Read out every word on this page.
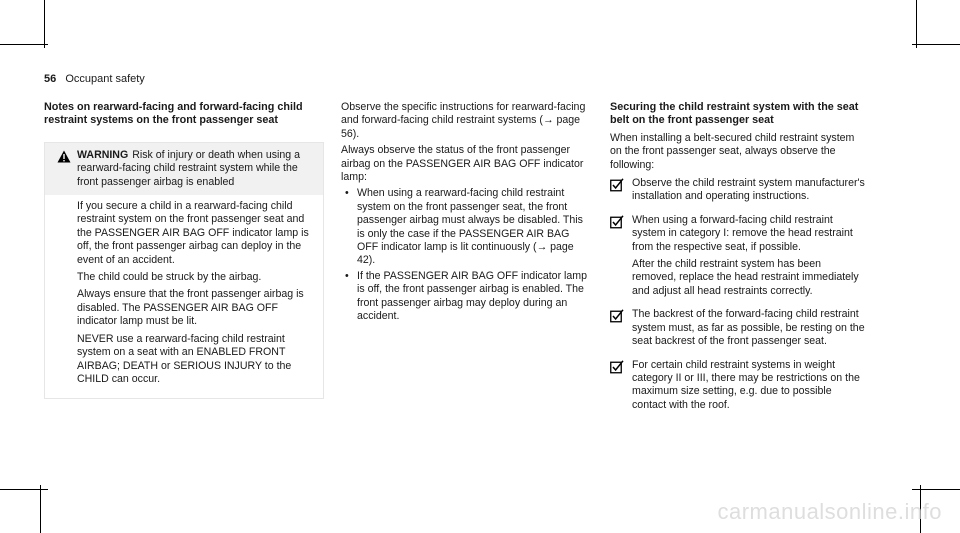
56 Occupant safety
Notes on rearward-facing and forward-facing child restraint systems on the front passenger seat
WARNING Risk of injury or death when using a rearward-facing child restraint system while the front passenger airbag is enabled

If you secure a child in a rearward-facing child restraint system on the front passenger seat and the PASSENGER AIR BAG OFF indicator lamp is off, the front passenger airbag can deploy in the event of an accident.

The child could be struck by the airbag.

Always ensure that the front passenger airbag is disabled. The PASSENGER AIR BAG OFF indicator lamp must be lit.

NEVER use a rearward-facing child restraint system on a seat with an ENABLED FRONT AIRBAG; DEATH or SERIOUS INJURY to the CHILD can occur.

Observe the specific instructions for rearward-facing and forward-facing child restraint systems (→ page 56).

Always observe the status of the front passenger airbag on the PASSENGER AIR BAG OFF indicator lamp:

• When using a rearward-facing child restraint system on the front passenger seat, the front passenger airbag must always be disabled. This is only the case if the PASSENGER AIR BAG OFF indicator lamp is lit continuously (→ page 42).
• If the PASSENGER AIR BAG OFF indicator lamp is off, the front passenger airbag is enabled. The front passenger airbag may deploy during an accident.
Securing the child restraint system with the seat belt on the front passenger seat

When installing a belt-secured child restraint system on the front passenger seat, always observe the following:

Observe the child restraint system manufacturer's installation and operating instructions.

When using a forward-facing child restraint system in category I: remove the head restraint from the respective seat, if possible.

After the child restraint system has been removed, replace the head restraint immediately and adjust all head restraints correctly.

The backrest of the forward-facing child restraint system must, as far as possible, be resting on the seat backrest of the front passenger seat.

For certain child restraint systems in weight category II or III, there may be restrictions on the maximum size setting, e.g. due to possible contact with the roof.

carmanualsonline.info
